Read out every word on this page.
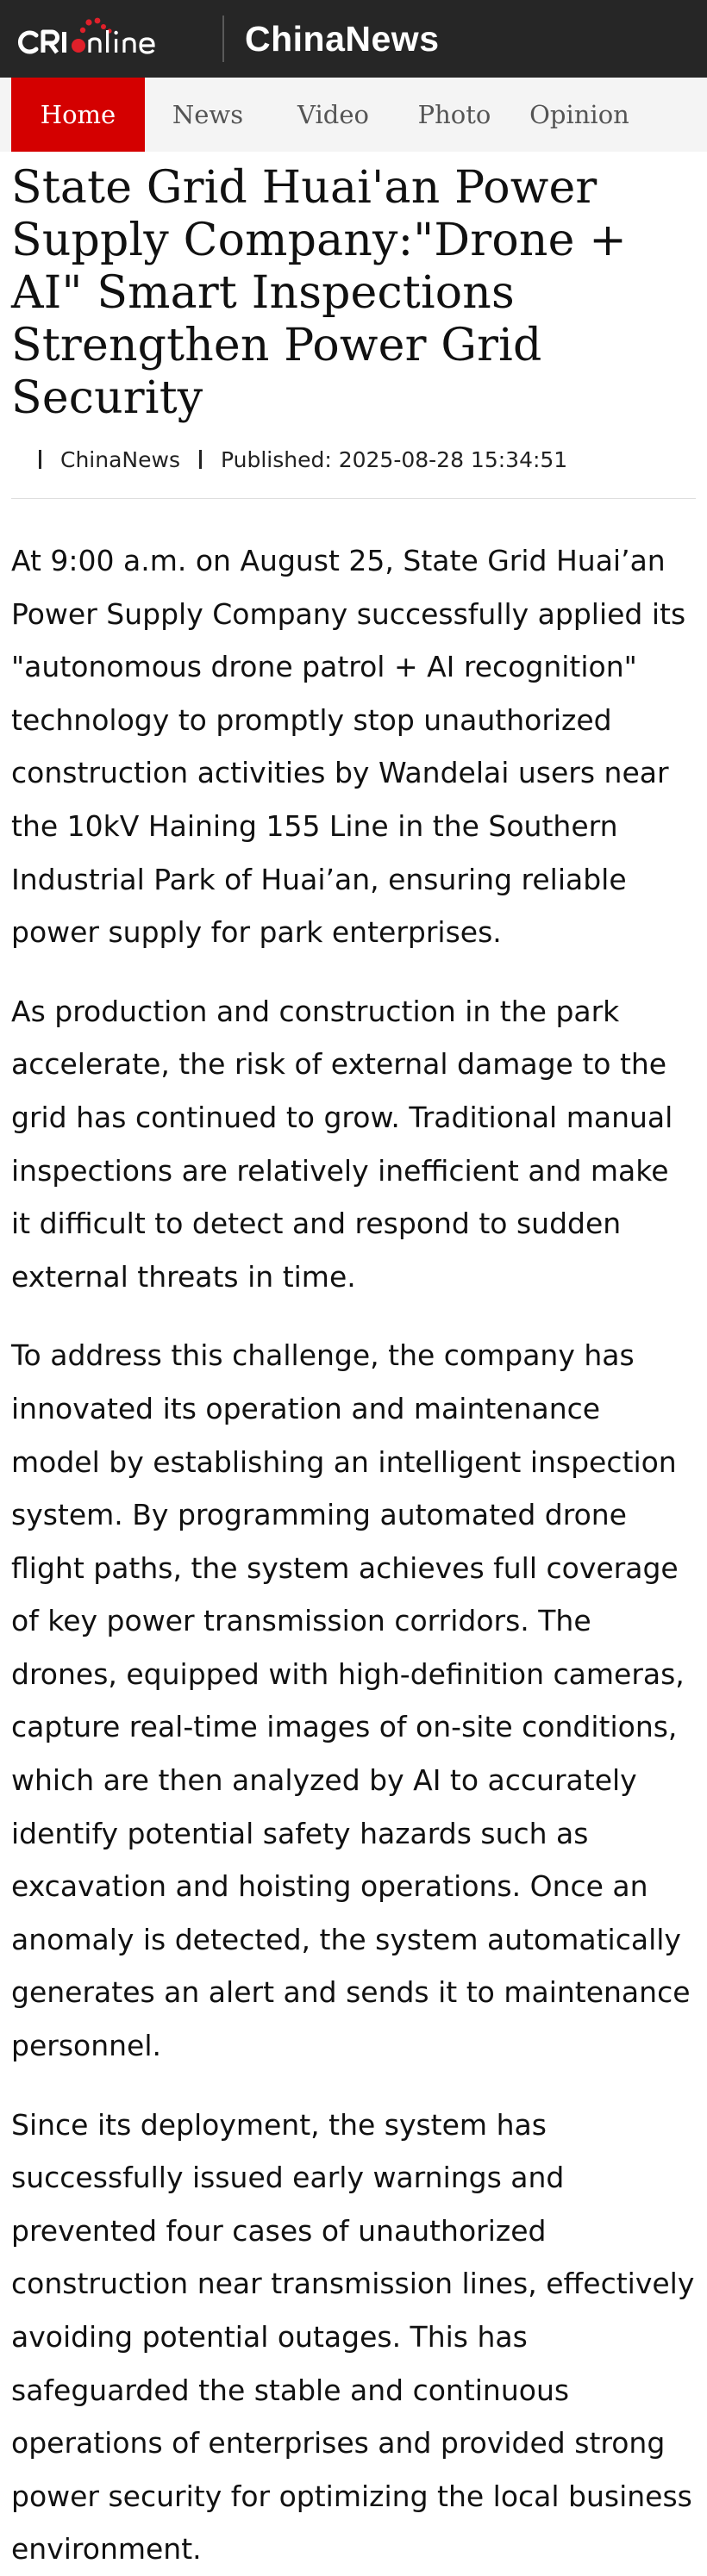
ChinaNews
Home	News	Video	Photo	Opinion
State Grid Huai'an Power Supply Company:"Drone + AI" Smart Inspections Strengthen Power Grid Security
ChinaNews Published: 2025-08-28 15:34:51

At 9:00 a.m. on August 25, State Grid Huai’an Power Supply Company successfully applied its "autonomous drone patrol + AI recognition" technology to promptly stop unauthorized construction activities by Wandelai users near the 10kV Haining 155 Line in the Southern Industrial Park of Huai’an, ensuring reliable power supply for park enterprises.

As production and construction in the park accelerate, the risk of external damage to the grid has continued to grow. Traditional manual inspections are relatively inefficient and make it difficult to detect and respond to sudden external threats in time.

To address this challenge, the company has innovated its operation and maintenance model by establishing an intelligent inspection system. By programming automated drone flight paths, the system achieves full coverage of key power transmission corridors. The drones, equipped with high-definition cameras, capture real-time images of on-site conditions, which are then analyzed by AI to accurately identify potential safety hazards such as excavation and hoisting operations. Once an anomaly is detected, the system automatically generates an alert and sends it to maintenance personnel.

Since its deployment, the system has successfully issued early warnings and prevented four cases of unauthorized construction near transmission lines, effectively avoiding potential outages. This has safeguarded the stable and continuous operations of enterprises and provided strong power security for optimizing the local business environment.
